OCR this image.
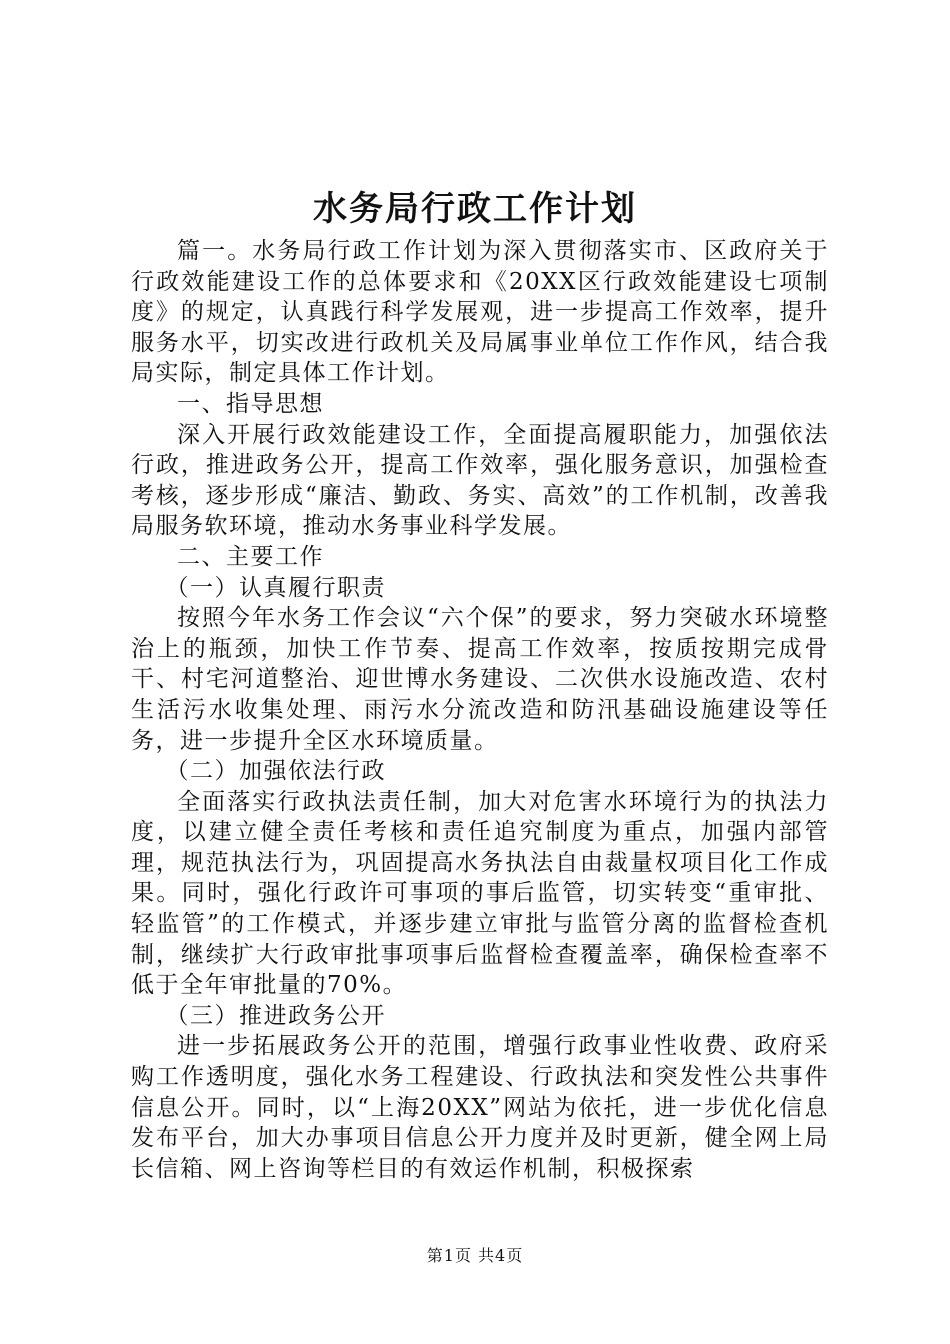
水务局行政工作计划

篇一。水务局行政工作计划为深入贯彻落实市、区政府关于行政效能建设工作的总体要求和《20XX区行政效能建设七项制度》的规定，认真践行科学发展观，进一步提高工作效率，提升服务水平，切实改进行政机关及局属事业单位工作作风，结合我局实际，制定具体工作计划。

一、指导思想

深入开展行政效能建设工作，全面提高履职能力，加强依法行政，推进政务公开，提高工作效率，强化服务意识，加强检查考核，逐步形成“廉洁、勤政、务实、高效”的工作机制，改善我局服务软环境，推动水务事业科学发展。

二、主要工作

（一）认真履行职责

按照今年水务工作会议“六个保”的要求，努力突破水环境整治上的瓶颈，加快工作节奏、提高工作效率，按质按期完成骨干、村宅河道整治、迎世博水务建设、二次供水设施改造、农村生活污水收集处理、雨污水分流改造和防汛基础设施建设等任务，进一步提升全区水环境质量。

（二）加强依法行政

全面落实行政执法责任制，加大对危害水环境行为的执法力度，以建立健全责任考核和责任追究制度为重点，加强内部管理，规范执法行为，巩固提高水务执法自由裁量权项目化工作成果。同时，强化行政许可事项的事后监管，切实转变“重审批、轻监管”的工作模式，并逐步建立审批与监管分离的监督检查机制，继续扩大行政审批事项事后监督检查覆盖率，确保检查率不低于全年审批量的70%。

（三）推进政务公开

进一步拓展政务公开的范围，增强行政事业性收费、政府采购工作透明度，强化水务工程建设、行政执法和突发性公共事件信息公开。同时，以“上海20XX”网站为依托，进一步优化信息发布平台，加大办事项目信息公开力度并及时更新，健全网上局长信箱、网上咨询等栏目的有效运作机制，积极探索

第1页 共4页
